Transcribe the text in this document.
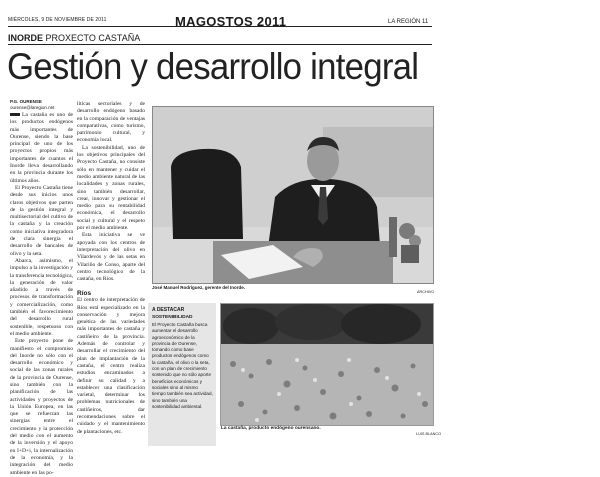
MIÉRCOLES, 9 DE NOVIEMBRE DE 2011	MAGOSTOS 2011	LA REGIÓN 11
INORDE PROXECTO CASTAÑA
Gestión y desarrollo integral
P.G. OURENSE
ourense@laregion.net

La castaña es uno de los productos endógenos más importantes de Ourense, siendo la base principal de uno de los proyectos propios más importantes de cuantos el Inorde lleva desarrollando en la provincia durante los últimos años.

El Proyecto Castaña tiene desde sus inicios unos claros objetivos que parten de la gestión integral y multisectorial del cultivo de la castaña y la creación como iniciativa integradora de clara sinergia el desarrollo de bancales de olivo y la seta.

Abarca, asimismo, el impulso a la investigación y la transferencia tecnológica, la generación de valor añadido a través de procesos de transformación y comercialización, como también el favorecimiento del desarrollo rural sostenible, respetuoso con el medio ambiente.

Este proyecto pone de manifiesto el compromiso del Inorde no sólo con el desarrollo económico y social de las zonas rurales de la provincia de Ourense, sino también con la planificación de las actividades y proyectos de la Unión Europea, en las que se refuerzan las sinergias entre el crecimiento y la protección del medio con el aumento de la inversión y el apoyo en I+D+i, la internalización de la economía, y la integración del medio ambiente en las po-

líticas sectoriales y de desarrollo endógeno basado en la comparación de ventajas comparativas, como turismo, patrimonio cultural, y economía local.

La sostenibilidad, uno de los objetivos principales del Proyecto Castaña, no consiste sólo en mantener y cuidar el medio ambiente natural de las localidades y zonas rurales, sino también desarrollar, crear, innovar y gestionar el medio para su rentabilidad económica, el desarrollo social y cultural y el respeto por el medio ambiente.

Esta iniciativa se ve apoyada con los centros de interpretación del olivo en Vilardevós y de las setas en Vilariño de Conso, aparte del centro tecnológico de la castaña, en Ríos.

José Manuel Rodríguez, gerente del Inorde.
ARCHIVO

Ríos

El centro de interpretación de Ríos está especializado en la conservación y mejora genética de las variedades más importantes de castaña y castiñeiro de la provincia. Además de controlar y desarrollar el crecimiento del plan de implantación de la castaña, el centro realiza estudios encaminados a definir su calidad y a establecer una clasificación varietal, determinar los problemas nutricionales de castiñeiros, dar recomendaciones sobre el cuidado y el mantenimiento de plantaciones, etc.

A DESTACAR
SOSTENIBILIDAD
El Proyecto Castaña busca aumentar el desarrollo agroeconómico de la provincia de Ourense, tomando como base productos endógenos como la castaña, el olivo o la seta, con un plan de crecimiento sostenido que no sólo aporte beneficios económicos y sociales sino al mismo tiempo también sea actividad, sino también una sostenibilidad ambiental.
La castaña, producto endógeno ourensano.
LUIS BLANCO
